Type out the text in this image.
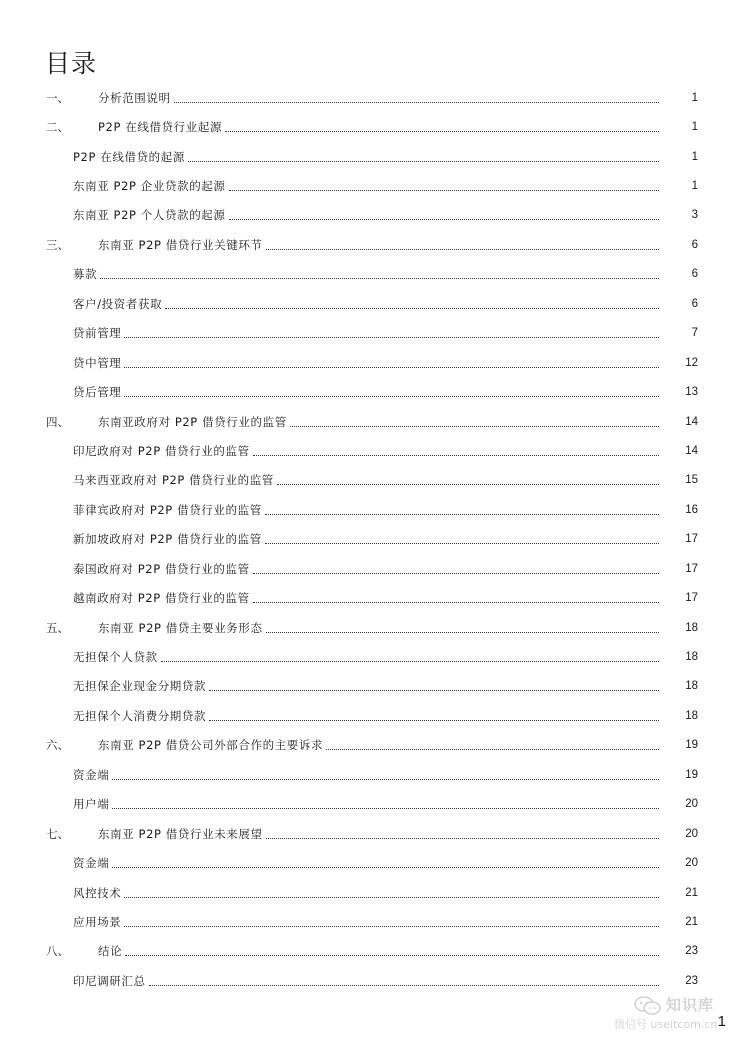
目录
一、	分析范围说明	1
二、	P2P 在线借贷行业起源	1
P2P 在线借贷的起源	1
东南亚 P2P 企业贷款的起源	1
东南亚 P2P 个人贷款的起源	3
三、	东南亚 P2P 借贷行业关键环节	6
募款	6
客户/投资者获取	6
贷前管理	7
贷中管理	12
贷后管理	13
四、	东南亚政府对 P2P 借贷行业的监管	14
印尼政府对 P2P 借贷行业的监管	14
马来西亚政府对 P2P 借贷行业的监管	15
菲律宾政府对 P2P 借贷行业的监管	16
新加坡政府对 P2P 借贷行业的监管	17
泰国政府对 P2P 借贷行业的监管	17
越南政府对 P2P 借贷行业的监管	17
五、	东南亚 P2P 借贷主要业务形态	18
无担保个人贷款	18
无担保企业现金分期贷款	18
无担保个人消费分期贷款	18
六、	东南亚 P2P 借贷公司外部合作的主要诉求	19
资金端	19
用户端	20
七、	东南亚 P2P 借贷行业未来展望	20
资金端	20
风控技术	21
应用场景	21
八、	结论	23
印尼调研汇总	23
知识库
微信号 useitcom.cn 1
